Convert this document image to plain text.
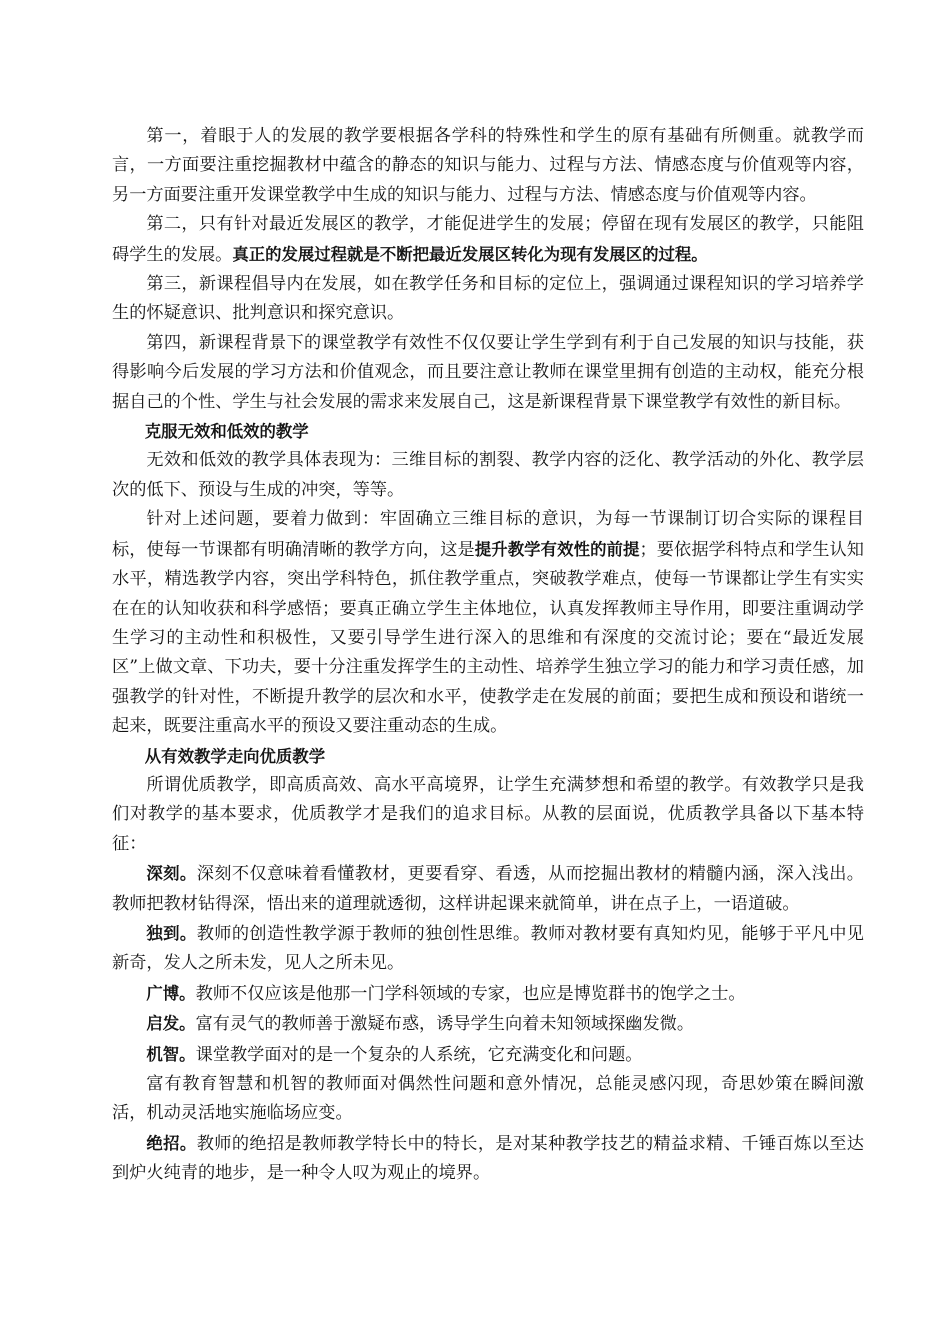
第一，着眼于人的发展的教学要根据各学科的特殊性和学生的原有基础有所侧重。就教学而言，一方面要注重挖掘教材中蕴含的静态的知识与能力、过程与方法、情感态度与价值观等内容，另一方面要注重开发课堂教学中生成的知识与能力、过程与方法、情感态度与价值观等内容。

第二，只有针对最近发展区的教学，才能促进学生的发展；停留在现有发展区的教学，只能阻碍学生的发展。真正的发展过程就是不断把最近发展区转化为现有发展区的过程。

第三，新课程倡导内在发展，如在教学任务和目标的定位上，强调通过课程知识的学习培养学生的怀疑意识、批判意识和探究意识。

第四，新课程背景下的课堂教学有效性不仅仅要让学生学到有利于自己发展的知识与技能，获得影响今后发展的学习方法和价值观念，而且要注意让教师在课堂里拥有创造的主动权，能充分根据自己的个性、学生与社会发展的需求来发展自己，这是新课程背景下课堂教学有效性的新目标。

克服无效和低效的教学

无效和低效的教学具体表现为：三维目标的割裂、教学内容的泛化、教学活动的外化、教学层次的低下、预设与生成的冲突，等等。

针对上述问题，要着力做到：牢固确立三维目标的意识，为每一节课制订切合实际的课程目标，使每一节课都有明确清晰的教学方向，这是提升教学有效性的前提；要依据学科特点和学生认知水平，精选教学内容，突出学科特色，抓住教学重点，突破教学难点，使每一节课都让学生有实实在在的认知收获和科学感悟；要真正确立学生主体地位，认真发挥教师主导作用，即要注重调动学生学习的主动性和积极性，又要引导学生进行深入的思维和有深度的交流讨论；要在“最近发展区”上做文章、下功夫，要十分注重发挥学生的主动性、培养学生独立学习的能力和学习责任感，加强教学的针对性，不断提升教学的层次和水平，使教学走在发展的前面；要把生成和预设和谐统一起来，既要注重高水平的预设又要注重动态的生成。

从有效教学走向优质教学

所谓优质教学，即高质高效、高水平高境界，让学生充满梦想和希望的教学。有效教学只是我们对教学的基本要求，优质教学才是我们的追求目标。从教的层面说，优质教学具备以下基本特征：

深刻。深刻不仅意味着看懂教材，更要看穿、看透，从而挖掘出教材的精髓内涵，深入浅出。教师把教材钻得深，悟出来的道理就透彻，这样讲起课来就简单，讲在点子上，一语道破。

独到。教师的创造性教学源于教师的独创性思维。教师对教材要有真知灼见，能够于平凡中见新奇，发人之所未发，见人之所未见。

广博。教师不仅应该是他那一门学科领域的专家，也应是博览群书的饱学之士。

启发。富有灵气的教师善于激疑布惑，诱导学生向着未知领域探幽发微。

机智。课堂教学面对的是一个复杂的人系统，它充满变化和问题。

富有教育智慧和机智的教师面对偶然性问题和意外情况，总能灵感闪现，奇思妙策在瞬间激活，机动灵活地实施临场应变。

绝招。教师的绝招是教师教学特长中的特长，是对某种教学技艺的精益求精、千锤百炼以至达到炉火纯青的地步，是一种令人叹为观止的境界。
